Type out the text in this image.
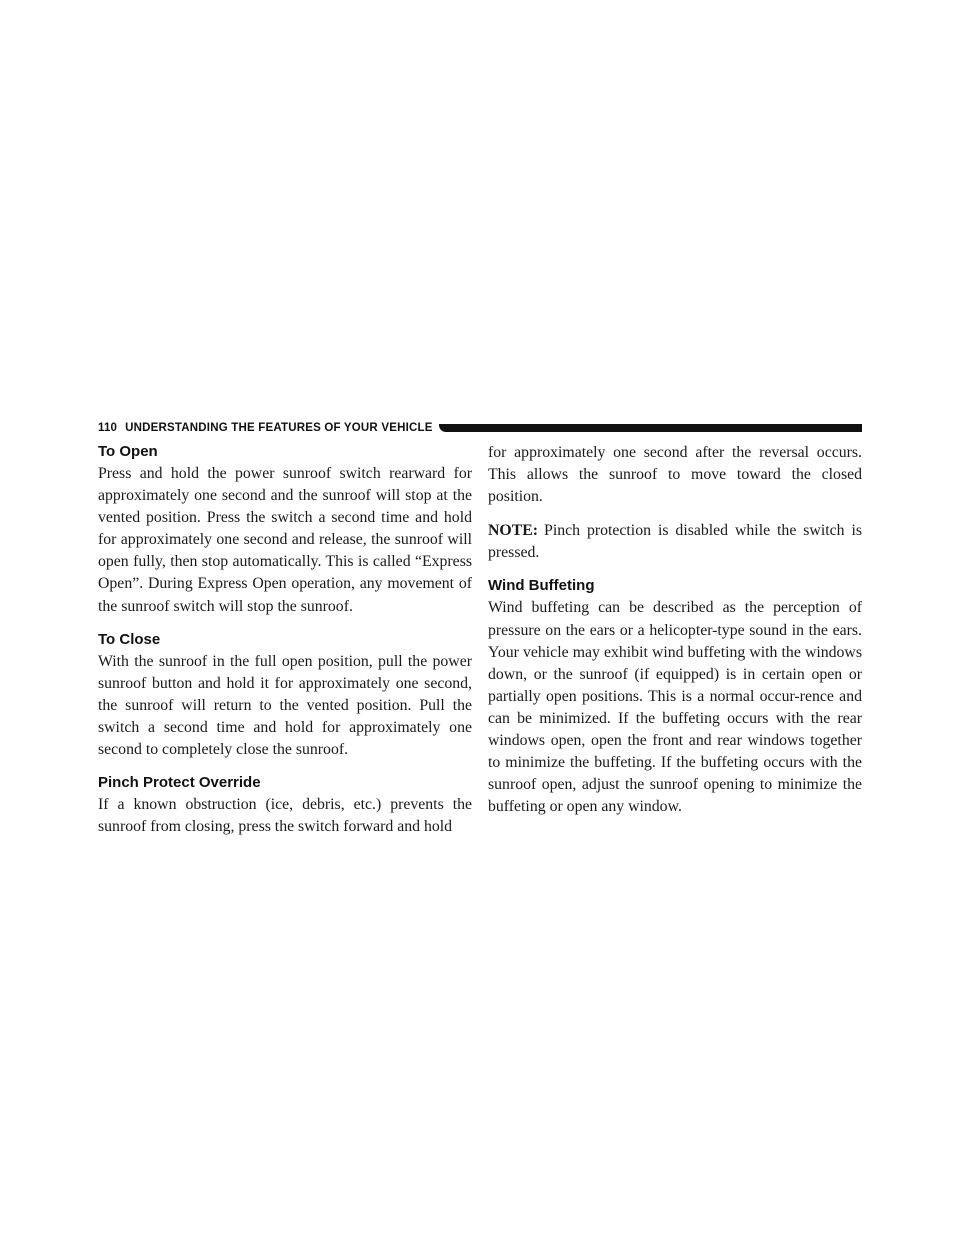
110 UNDERSTANDING THE FEATURES OF YOUR VEHICLE
To Open

Press and hold the power sunroof switch rearward for approximately one second and the sunroof will stop at the vented position. Press the switch a second time and hold for approximately one second and release, the sunroof will open fully, then stop automatically. This is called “Express Open”. During Express Open operation, any movement of the sunroof switch will stop the sunroof.

To Close

With the sunroof in the full open position, pull the power sunroof button and hold it for approximately one second, the sunroof will return to the vented position. Pull the switch a second time and hold for approximately one second to completely close the sunroof.

Pinch Protect Override

If a known obstruction (ice, debris, etc.) prevents the sunroof from closing, press the switch forward and hold

for approximately one second after the reversal occurs. This allows the sunroof to move toward the closed position.

NOTE: Pinch protection is disabled while the switch is pressed.

Wind Buffeting

Wind buffeting can be described as the perception of pressure on the ears or a helicopter-type sound in the ears. Your vehicle may exhibit wind buffeting with the windows down, or the sunroof (if equipped) is in certain open or partially open positions. This is a normal occur-rence and can be minimized. If the buffeting occurs with the rear windows open, open the front and rear windows together to minimize the buffeting. If the buffeting occurs with the sunroof open, adjust the sunroof opening to minimize the buffeting or open any window.
